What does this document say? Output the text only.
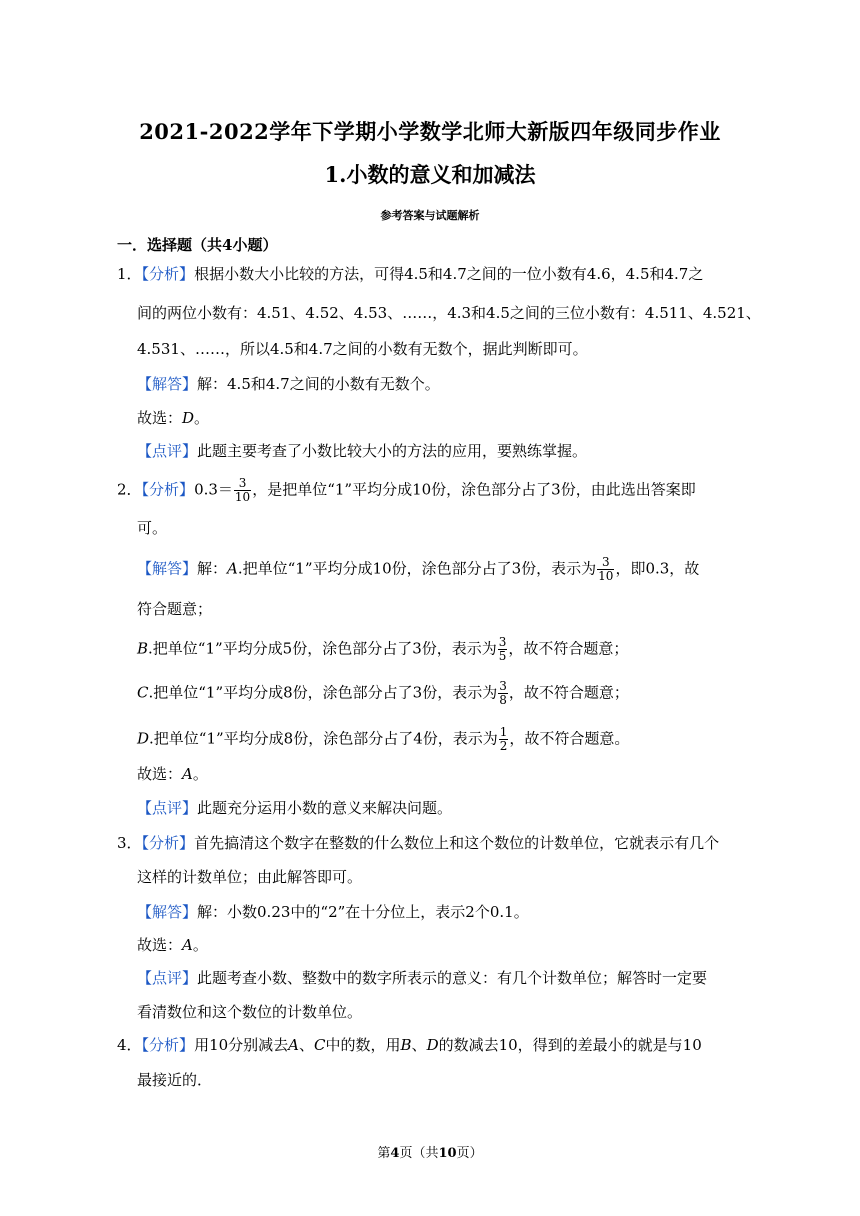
2021-2022学年下学期小学数学北师大新版四年级同步作业
1.小数的意义和加减法
参考答案与试题解析
一．选择题（共4小题）
1．【分析】根据小数大小比较的方法，可得4.5和4.7之间的一位小数有4.6，4.5和4.7之
间的两位小数有：4.51、4.52、4.53、……，4.3和4.5之间的三位小数有：4.511、4.521、
4.531、……，所以4.5和4.7之间的小数有无数个，据此判断即可。
【解答】解：4.5和4.7之间的小数有无数个。
故选：D。
【点评】此题主要考查了小数比较大小的方法的应用，要熟练掌握。
2．【分析】$0.3= \frac{3}{10}$ ，是把单位“1”平均分成10份，涂色部分占了3份，由此选出答案即
可。
【解答】解：A.把单位“1”平均分成10份，涂色部分占了3份，表示为 $\frac{3}{10}$ ，即0.3，故
符合题意；
B.把单位“1”平均分成5份，涂色部分占了3份，表示为 $\frac{3}{5}$ ，故不符合题意；
C.把单位“1”平均分成8份，涂色部分占了3份，表示为 $\frac{3}{8}$ ，故不符合题意；
D.把单位“1”平均分成8份，涂色部分占了4份，表示为 $\frac{1}{2}$ ，故不符合题意。
故选：A。
【点评】此题充分运用小数的意义来解决问题。
3．【分析】首先搞清这个数字在整数的什么数位上和这个数位的计数单位，它就表示有几个
这样的计数单位；由此解答即可。
【解答】解：小数0.23中的“2”在十分位上，表示2个0.1。
故选：A。
【点评】此题考查小数、整数中的数字所表示的意义：有几个计数单位；解答时一定要
看清数位和这个数位的计数单位。
4．【分析】用10分别减去A、C中的数，用B、D的数减去10，得到的差最小的就是与10
最接近的．
第4页（共10页）
